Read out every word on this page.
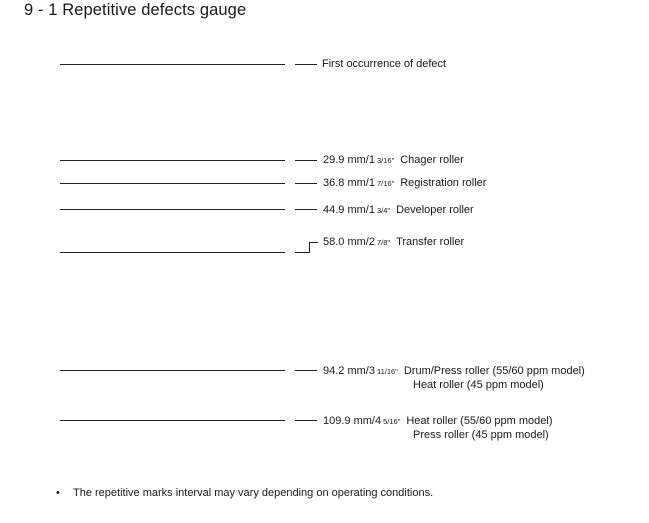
9 - 1 Repetitive defects gauge
First occurrence of defect
29.9 mm/1 3/16" Chager roller
36.8 mm/1 7/16" Registration roller
44.9 mm/1 3/4" Developer roller
58.0 mm/2 7/8" Transfer roller
94.2 mm/3 11/16" Drum/Press roller (55/60 ppm model)
Heat roller (45 ppm model)
109.9 mm/4 5/16" Heat roller (55/60 ppm model)
Press roller (45 ppm model)
• The repetitive marks interval may vary depending on operating conditions.
